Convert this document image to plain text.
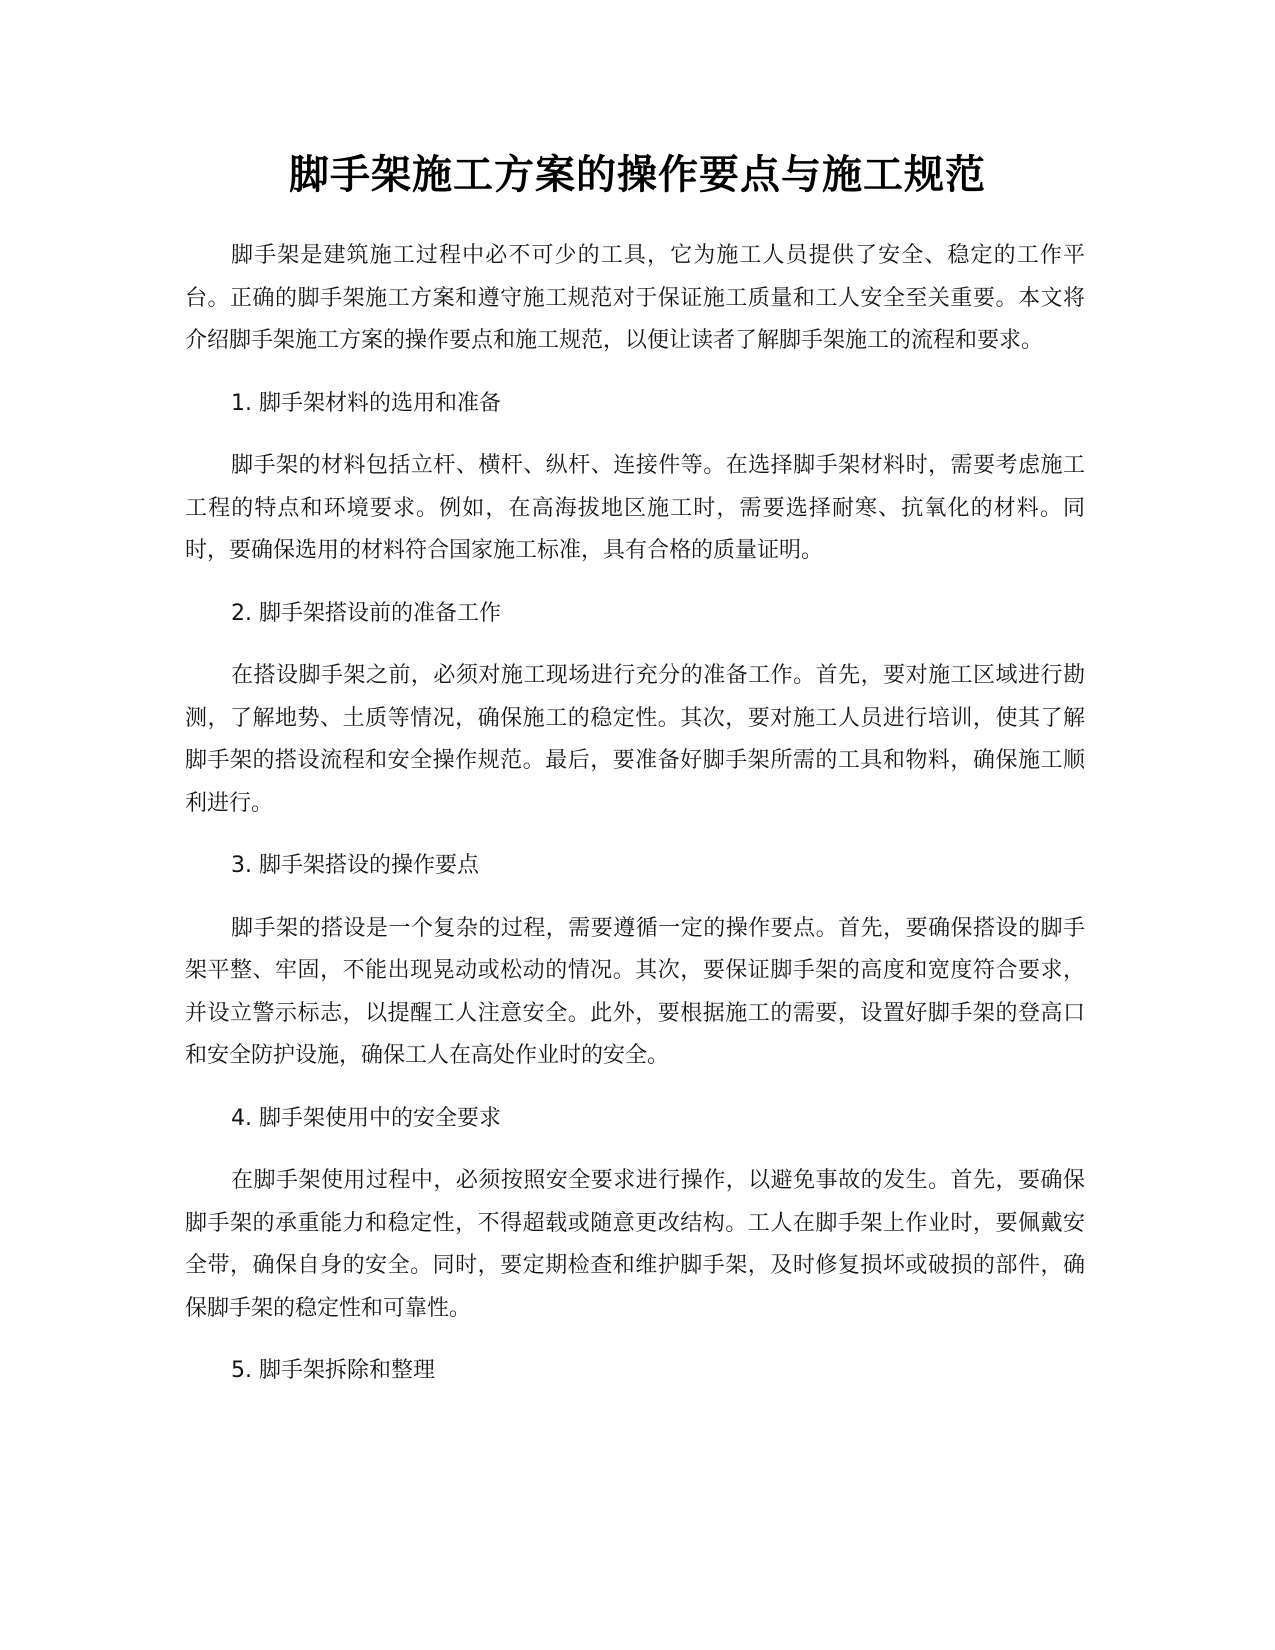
脚手架施工方案的操作要点与施工规范

脚手架是建筑施工过程中必不可少的工具，它为施工人员提供了安全、稳定的工作平台。正确的脚手架施工方案和遵守施工规范对于保证施工质量和工人安全至关重要。本文将介绍脚手架施工方案的操作要点和施工规范，以便让读者了解脚手架施工的流程和要求。

1. 脚手架材料的选用和准备

脚手架的材料包括立杆、横杆、纵杆、连接件等。在选择脚手架材料时，需要考虑施工工程的特点和环境要求。例如，在高海拔地区施工时，需要选择耐寒、抗氧化的材料。同时，要确保选用的材料符合国家施工标准，具有合格的质量证明。

2. 脚手架搭设前的准备工作

在搭设脚手架之前，必须对施工现场进行充分的准备工作。首先，要对施工区域进行勘测，了解地势、土质等情况，确保施工的稳定性。其次，要对施工人员进行培训，使其了解脚手架的搭设流程和安全操作规范。最后，要准备好脚手架所需的工具和物料，确保施工顺利进行。

3. 脚手架搭设的操作要点

脚手架的搭设是一个复杂的过程，需要遵循一定的操作要点。首先，要确保搭设的脚手架平整、牢固，不能出现晃动或松动的情况。其次，要保证脚手架的高度和宽度符合要求，并设立警示标志，以提醒工人注意安全。此外，要根据施工的需要，设置好脚手架的登高口和安全防护设施，确保工人在高处作业时的安全。

4. 脚手架使用中的安全要求

在脚手架使用过程中，必须按照安全要求进行操作，以避免事故的发生。首先，要确保脚手架的承重能力和稳定性，不得超载或随意更改结构。工人在脚手架上作业时，要佩戴安全带，确保自身的安全。同时，要定期检查和维护脚手架，及时修复损坏或破损的部件，确保脚手架的稳定性和可靠性。

5. 脚手架拆除和整理
